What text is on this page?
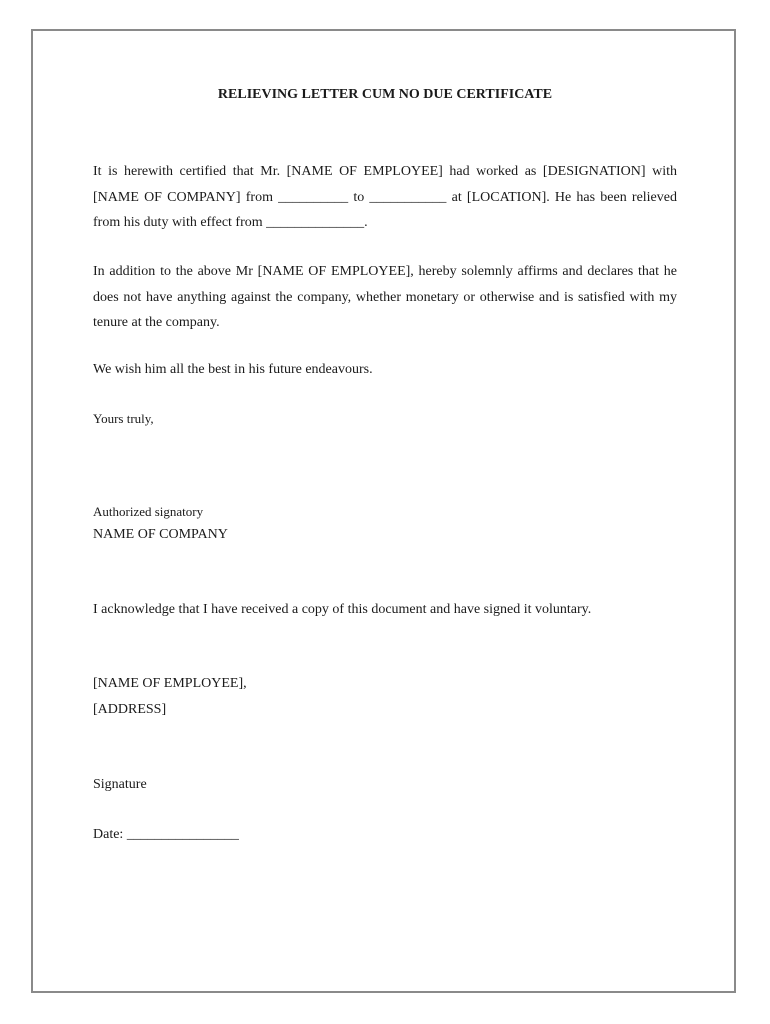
RELIEVING LETTER CUM NO DUE CERTIFICATE

It is herewith certified that Mr. [NAME OF EMPLOYEE] had worked as [DESIGNATION] with [NAME OF COMPANY] from __________ to ___________ at [LOCATION]. He has been relieved from his duty with effect from ______________.

In addition to the above Mr [NAME OF EMPLOYEE], hereby solemnly affirms and declares that he does not have anything against the company, whether monetary or otherwise and is satisfied with my tenure at the company.

We wish him all the best in his future endeavours.

Yours truly,

Authorized signatory

NAME OF COMPANY

I acknowledge that I have received a copy of this document and have signed it voluntary.

[NAME OF EMPLOYEE],

[ADDRESS]

Signature

Date: ________________
